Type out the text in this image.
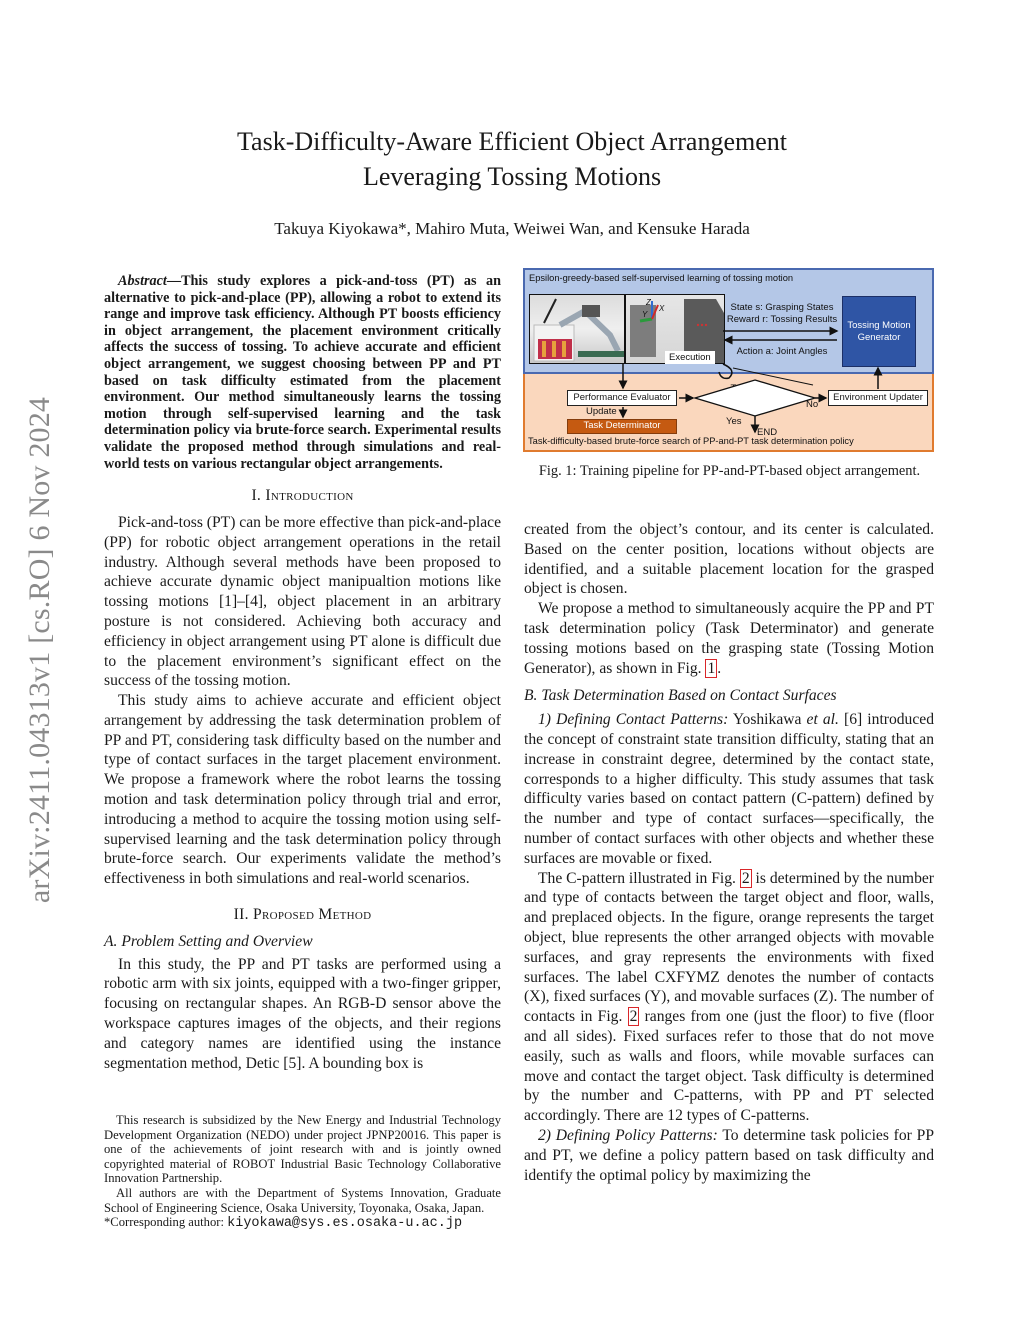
arXiv:2411.04313v1 [cs.RO] 6 Nov 2024
Task-Difficulty-Aware Efficient Object Arrangement
Leveraging Tossing Motions
Takuya Kiyokawa*, Mahiro Muta, Weiwei Wan, and Kensuke Harada

Abstract—This study explores a pick-and-toss (PT) as an alternative to pick-and-place (PP), allowing a robot to extend its range and improve task efficiency. Although PT boosts efficiency in object arrangement, the placement environment critically affects the success of tossing. To achieve accurate and efficient object arrangement, we suggest choosing between PP and PT based on task difficulty estimated from the placement environment. Our method simultaneously learns the tossing motion through self-supervised learning and the task determination policy via brute-force search. Experimental results validate the proposed method through simulations and real-world tests on various rectangular object arrangements.

I. Introduction

Pick-and-toss (PT) can be more effective than pick-and-place (PP) for robotic object arrangement operations in the retail industry. Although several methods have been proposed to achieve accurate dynamic object manipualtion motions like tossing motions [1]–[4], object placement in an arbitrary posture is not considered. Achieving both accuracy and efficiency in object arrangement using PT alone is difficult due to the placement environment’s significant effect on the success of the tossing motion.

This study aims to achieve accurate and efficient object arrangement by addressing the task determination problem of PP and PT, considering task difficulty based on the number and type of contact surfaces in the target placement environment. We propose a framework where the robot learns the tossing motion and task determination policy through trial and error, introducing a method to acquire the tossing motion using self-supervised learning and the task determination policy through brute-force search. Our experiments validate the method’s effectiveness in both simulations and real-world scenarios.

II. Proposed Method
A. Problem Setting and Overview

In this study, the PP and PT tasks are performed using a robotic arm with six joints, equipped with a two-finger gripper, focusing on rectangular shapes. An RGB-D sensor above the workspace captures images of the objects, and their regions and category names are identified using the instance segmentation method, Detic [5]. A bounding box is

This research is subsidized by the New Energy and Industrial Technology Development Organization (NEDO) under project JPNP20016. This paper is one of the achievements of joint research with and is jointly owned copyrighted material of ROBOT Industrial Basic Technology Collaborative Innovation Partnership.

All authors are with the Department of Systems Innovation, Graduate School of Engineering Science, Osaka University, Toyonaka, Osaka, Japan.

*Corresponding author: kiyokawa@sys.es.osaka-u.ac.jp

Epsilon-greedy-based self-supervised learning of tossing motion
Z
Y
X
Execution
State s: Grasping States
Reward r: Tossing Results
Action a: Joint Angles
Tossing Motion Generator
Task-difficulty-based brute-force search of PP-and-PT task determination policy
Performance Evaluator
Update
Task Determinator
No
Yes
END
Environment Updater
Fig. 1: Training pipeline for PP-and-PT-based object arrangement.

created from the object’s contour, and its center is calculated. Based on the center position, locations without objects are identified, and a suitable placement location for the grasped object is chosen.

We propose a method to simultaneously acquire the PP and PT task determination policy (Task Determinator) and generate tossing motions based on the grasping state (Tossing Motion Generator), as shown in Fig. 1 .

B. Task Determination Based on Contact Surfaces

1) Defining Contact Patterns: Yoshikawa et al. [6] introduced the concept of constraint state transition difficulty, stating that an increase in constraint degree, determined by the contact state, corresponds to a higher difficulty. This study assumes that task difficulty varies based on contact pattern (C-pattern) defined by the number and type of contact surfaces—specifically, the number of contact surfaces with other objects and whether these surfaces are movable or fixed.

The C-pattern illustrated in Fig. 2 is determined by the number and type of contacts between the target object and floor, walls, and preplaced objects. In the figure, orange represents the target object, blue represents the other arranged objects with movable surfaces, and gray represents the environments with fixed surfaces. The label CXFYMZ denotes the number of contacts (X), fixed surfaces (Y), and movable surfaces (Z). The number of contacts in Fig. 2 ranges from one (just the floor) to five (floor and all sides). Fixed surfaces refer to those that do not move easily, such as walls and floors, while movable surfaces can move and contact the target object. Task difficulty is determined by the number and C-patterns, with PP and PT selected accordingly. There are 12 types of C-patterns.

2) Defining Policy Patterns: To determine task policies for PP and PT, we define a policy pattern based on task difficulty and identify the optimal policy by maximizing the
